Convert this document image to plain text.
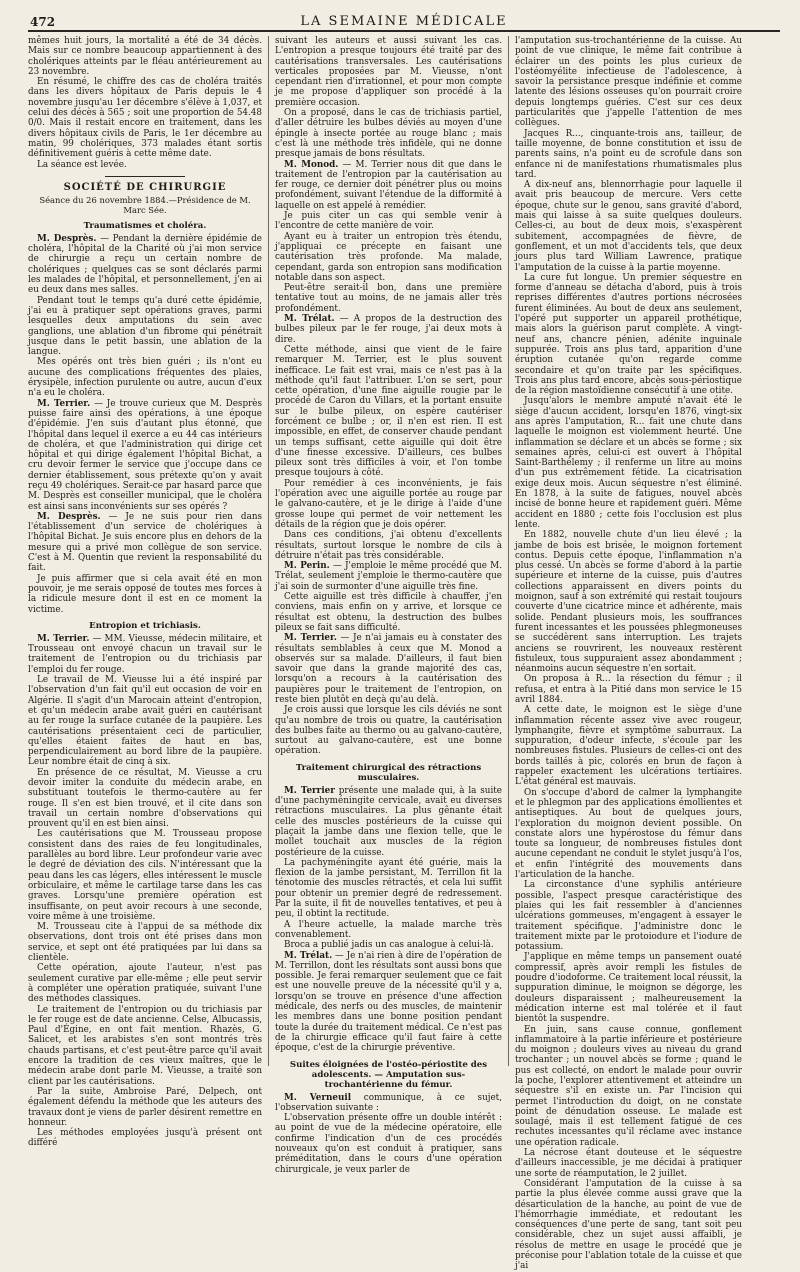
472	LA SEMAINE MÉDICALE

mêmes huit jours, la mortalité a été de 34 décès. Mais sur ce nombre beaucoup appartiennent à des cholériques atteints par le fléau antérieurement au 23 novembre.

En résumé, le chiffre des cas de choléra traités dans les divers hôpitaux de Paris depuis le 4 novembre jusqu'au 1er décembre s'élève à 1,037, et celui des décès à 565 ; soit une proportion de 54.48 0/0. Mais il restait encore en traitement, dans les divers hôpitaux civils de Paris, le 1er décembre au matin, 99 cholériques, 373 malades étant sortis définitivement guéris à cette même date.

La séance est levée.

SOCIÉTÉ DE CHIRURGIE
Séance du 26 novembre 1884.—Présidence de M. Marc Sée.
Traumatismes et choléra.

M. Desprès. — Pendant la dernière épidémie de choléra, l'hôpital de la Charité où j'ai mon service de chirurgie a reçu un certain nombre de cholériques ; quelques cas se sont déclarés parmi les malades de l'hôpital, et personnellement, j'en ai eu deux dans mes salles.

Pendant tout le temps qu'a duré cette épidémie, j'ai eu à pratiquer sept opérations graves, parmi lesquelles deux amputations du sein avec ganglions, une ablation d'un fibrome qui pénétrait jusque dans le petit bassin, une ablation de la langue.

Mes opérés ont très bien guéri ; ils n'ont eu aucune des complications fréquentes des plaies, érysipèle, infection purulente ou autre, aucun d'eux n'a eu le choléra.

M. Terrier. — Je trouve curieux que M. Desprès puisse faire ainsi des opérations, à une époque d'épidémie. J'en suis d'autant plus étonné, que l'hôpital dans lequel il exerce a eu 44 cas intérieurs de choléra, et que l'administration qui dirige cet hôpital et qui dirige également l'hôpital Bichat, a cru devoir fermer le service que j'occupe dans ce dernier établissement, sous prétexte qu'on y avait reçu 49 cholériques. Serait-ce par hasard parce que M. Desprès est conseiller municipal, que le choléra est ainsi sans inconvénients sur ses opérés ?

M. Desprès. — Je ne suis pour rien dans l'établissement d'un service de cholériques à l'hôpital Bichat. Je suis encore plus en dehors de la mesure qui a privé mon collègue de son service. C'est à M. Quentin que revient la responsabilité du fait.

Je puis affirmer que si cela avait été en mon pouvoir, je me serais opposé de toutes mes forces à la ridicule mesure dont il est en ce moment la victime.

Entropion et trichiasis.

M. Terrier. — MM. Vieusse, médecin militaire, et Trousseau ont envoyé chacun un travail sur le traitement de l'entropion ou du trichiasis par l'emploi du fer rouge.

Le travail de M. Vieusse lui a été inspiré par l'observation d'un fait qu'il eut occasion de voir en Algérie. Il s'agit d'un Marocain atteint d'entropion, et qu'un médecin arabe avait guéri en cautérisant au fer rouge la surface cutanée de la paupière. Les cautérisations présentaient ceci de particulier, qu'elles étaient faites de haut en bas, perpendiculairement au bord libre de la paupière. Leur nombre était de cinq à six.

En présence de ce résultat, M. Vieusse a cru devoir imiter la conduite du médecin arabe, en substituant toutefois le thermo-cautère au fer rouge. Il s'en est bien trouvé, et il cite dans son travail un certain nombre d'observations qui prouvent qu'il en est bien ainsi.

Les cautérisations que M. Trousseau propose consistent dans des raies de feu longitudinales, parallèles au bord libre. Leur profondeur varie avec le degré de déviation des cils. N'intéressant que la peau dans les cas légers, elles intéressent le muscle orbiculaire, et même le cartilage tarse dans les cas graves. Lorsqu'une première opération est insuffisante, on peut avoir recours à une seconde, voire même à une troisième.

M. Trousseau cite à l'appui de sa méthode dix observations, dont trois ont été prises dans mon service, et sept ont été pratiquées par lui dans sa clientèle.

Cette opération, ajoute l'auteur, n'est pas seulement curative par elle-même ; elle peut servir à compléter une opération pratiquée, suivant l'une des méthodes classiques.

Le traitement de l'entropion ou du trichiasis par le fer rouge est de date ancienne. Celse, Albucassis, Paul d'Égine, en ont fait mention. Rhazès, G. Salicet, et les arabistes s'en sont montrés très chauds partisans, et c'est peut-être parce qu'il avait encore la tradition de ces vieux maîtres, que le médecin arabe dont parle M. Vieusse, a traité son client par les cautérisations.

Par la suite, Ambroise Paré, Delpech, ont également défendu la méthode que les auteurs des travaux dont je viens de parler désirent remettre en honneur.

Les méthodes employées jusqu'à présent ont différé

suivant les auteurs et aussi suivant les cas. L'entropion a presque toujours été traité par des cautérisations transversales. Les cautérisations verticales proposées par M. Vieusse, n'ont cependant rien d'irrationnel, et pour mon compte je me propose d'appliquer son procédé à la première occasion.

On a proposé, dans le cas de trichiasis partiel, d'aller détruire les bulbes déviés au moyen d'une épingle à insecte portée au rouge blanc ; mais c'est là une méthode très infidèle, qui ne donne presque jamais de bons résultats.

M. Monod. — M. Terrier nous dit que dans le traitement de l'entropion par la cautérisation au fer rouge, ce dernier doit pénétrer plus ou moins profondément, suivant l'étendue de la difformité à laquelle on est appelé à remédier.

Je puis citer un cas qui semble venir à l'encontre de cette manière de voir.

Ayant eu à traiter un entropion très étendu, j'appliquai ce précepte en faisant une cautérisation très profonde. Ma malade, cependant, garda son entropion sans modification notable dans son aspect.

Peut-être serait-il bon, dans une première tentative tout au moins, de ne jamais aller très profondément.

M. Trélat. — A propos de la destruction des bulbes pileux par le fer rouge, j'ai deux mots à dire.

Cette méthode, ainsi que vient de le faire remarquer M. Terrier, est le plus souvent inefficace. Le fait est vrai, mais ce n'est pas à la méthode qu'il faut l'attribuer. L'on se sert, pour cette opération, d'une fine aiguille rougie par le procédé de Caron du Villars, et la portant ensuite sur le bulbe pileux, on espère cautériser forcément ce bulbe ; or, il n'en est rien. Il est impossible, en effet, de conserver chaude pendant un temps suffisant, cette aiguille qui doit être d'une finesse excessive. D'ailleurs, ces bulbes pileux sont très difficiles à voir, et l'on tombe presque toujours à côté.

Pour remédier à ces inconvénients, je fais l'opération avec une aiguille portée au rouge par le galvano-cautère, et je le dirige à l'aide d'une grosse loupe qui permet de voir nettement les détails de la région que je dois opérer.

Dans ces conditions, j'ai obtenu d'excellents résultats, surtout lorsque le nombre de cils à détruire n'était pas très considérable.

M. Perin. — J'emploie le même procédé que M. Trélat, seulement j'emploie le thermo-cautère que j'ai soin de surmonter d'une aiguille très fine.

Cette aiguille est très difficile à chauffer, j'en conviens, mais enfin on y arrive, et lorsque ce résultat est obtenu, la destruction des bulbes pileux se fait sans difficulté.

M. Terrier. — Je n'ai jamais eu à constater des résultats semblables à ceux que M. Monod a observés sur sa malade. D'ailleurs, il faut bien savoir que dans la grande majorité des cas, lorsqu'on a recours à la cautérisation des paupières pour le traitement de l'entropion, on reste bien plutôt en deçà qu'au delà.

Je crois aussi que lorsque les cils déviés ne sont qu'au nombre de trois ou quatre, la cautérisation des bulbes faite au thermo ou au galvano-cautère, surtout au galvano-cautère, est une bonne opération.

Traitement chirurgical des rétractions musculaires.

M. Terrier présente une malade qui, à la suite d'une pachyméningite cervicale, avait eu diverses rétractions musculaires. La plus gênante était celle des muscles postérieurs de la cuisse qui plaçait la jambe dans une flexion telle, que le mollet touchait aux muscles de la région postérieure de la cuisse.

La pachyméningite ayant été guérie, mais la flexion de la jambe persistant, M. Terrillon fit la ténotomie des muscles rétractés, et cela lui suffit pour obtenir un premier degré de redressement. Par la suite, il fit de nouvelles tentatives, et peu à peu, il obtint la rectitude.

A l'heure actuelle, la malade marche très convenablement.

Broca a publié jadis un cas analogue à celui-là.

M. Trélat. — Je n'ai rien à dire de l'opération de M. Terrillon, dont les résultats sont aussi bons que possible. Je ferai remarquer seulement que ce fait est une nouvelle preuve de la nécessité qu'il y a, lorsqu'on se trouve en présence d'une affection médicale, des nerfs ou des muscles, de maintenir les membres dans une bonne position pendant toute la durée du traitement médical. Ce n'est pas de la chirurgie efficace qu'il faut faire à cette époque, c'est de la chirurgie préventive.

Suites éloignées de l'ostéo-périostite des adolescents. — Amputation sus-trochantérienne du fémur.

M. Verneuil communique, à ce sujet, l'observation suivante :

L'observation présente offre un double intérêt : au point de vue de la médecine opératoire, elle confirme l'indication d'un de ces procédés nouveaux qu'on est conduit à pratiquer, sans préméditation, dans le cours d'une opération chirurgicale, je veux parler de

l'amputation sus-trochantérienne de la cuisse. Au point de vue clinique, le même fait contribue à éclairer un des points les plus curieux de l'ostéomyélite infectieuse de l'adolescence, à savoir la persistance presque indéfinie et comme latente des lésions osseuses qu'on pourrait croire depuis longtemps guéries. C'est sur ces deux particularités que j'appelle l'attention de mes collègues.

Jacques R..., cinquante-trois ans, tailleur, de taille moyenne, de bonne constitution et issu de parents sains, n'a point eu de scrofule dans son enfance ni de manifestations rhumatismales plus tard.

A dix-neuf ans, blennorrhagie pour laquelle il avait pris beaucoup de mercure. Vers cette époque, chute sur le genou, sans gravité d'abord, mais qui laisse à sa suite quelques douleurs. Celles-ci, au bout de deux mois, s'exaspèrent subitement, accompagnées de fièvre, de gonflement, et un mot d'accidents tels, que deux jours plus tard William Lawrence, pratique l'amputation de la cuisse à la partie moyenne.

La cure fut longue. Un premier séquestre en forme d'anneau se détacha d'abord, puis à trois reprises différentes d'autres portions nécrosées furent éliminées. Au bout de deux ans seulement, l'opéré put supporter un appareil prothétique, mais alors la guérison parut complète. A vingt-neuf ans, chancre pénien, adénite inguinale suppurée. Trois ans plus tard, apparition d'une éruption cutanée qu'on regarde comme secondaire et qu'on traite par les spécifiques. Trois ans plus tard encore, abcès sous-périostique de la région mastoïdienne consécutif à une otite.

Jusqu'alors le membre amputé n'avait été le siège d'aucun accident, lorsqu'en 1876, vingt-six ans après l'amputation, R... fait une chute dans laquelle le moignon est violemment heurté. Une inflammation se déclare et un abcès se forme ; six semaines après, celui-ci est ouvert à l'hôpital Saint-Barthélemy ; il renferme un litre au moins d'un pus extrêmement fétide. La cicatrisation exige deux mois. Aucun séquestre n'est éliminé. En 1878, à la suite de fatigues, nouvel abcès incisé de bonne heure et rapidement guéri. Même accident en 1880 ; cette fois l'occlusion est plus lente.

En 1882, nouvelle chute d'un lieu élevé ; la jambe de bois est brisée, le moignon fortement contus. Depuis cette époque, l'inflammation n'a plus cessé. Un abcès se forme d'abord à la partie supérieure et interne de la cuisse, puis d'autres collections apparaissent en divers points du moignon, sauf à son extrémité qui restait toujours couverte d'une cicatrice mince et adhérente, mais solide. Pendant plusieurs mois, les souffrances furent incessantes et les poussées phlegmoneuses se succédèrent sans interruption. Les trajets anciens se rouvrirent, les nouveaux restèrent fistuleux, tous suppuraient assez abondamment ; néanmoins aucun séquestre n'en sortait.

On proposa à R... la résection du fémur ; il refusa, et entra à la Pitié dans mon service le 15 avril 1884.

A cette date, le moignon est le siège d'une inflammation récente assez vive avec rougeur, lymphangite, fièvre et symptôme saburraux. La suppuration, d'odeur infecte, s'écoule par les nombreuses fistules. Plusieurs de celles-ci ont des bords taillés à pic, colorés en brun de façon à rappeler exactement les ulcérations tertiaires. L'état général est mauvais.

On s'occupe d'abord de calmer la lymphangite et le phlegmon par des applications émollientes et antiseptiques. Au bout de quelques jours, l'exploration du moignon devient possible. On constate alors une hypérostose du fémur dans toute sa longueur, de nombreuses fistules dont aucune cependant ne conduit le stylet jusqu'à l'os, et enfin l'intégrité des mouvements dans l'articulation de la hanche.

La circonstance d'une syphilis antérieure possible, l'aspect presque caractéristique des plaies qui les fait ressembler à d'anciennes ulcérations gommeuses, m'engagent à essayer le traitement spécifique. J'administre donc le traitement mixte par le protoiodure et l'iodure de potassium.

J'applique en même temps un pansement ouaté compressif, après avoir rempli les fistules de poudre d'iodoforme. Ce traitement local réussit, la suppuration diminue, le moignon se dégorge, les douleurs disparaissent ; malheureusement la médication interne est mal tolérée et il faut bientôt la suspendre.

En juin, sans cause connue, gonflement inflammatoire à la partie inférieure et postérieure du moignon ; douleurs vives au niveau du grand trochanter ; un nouvel abcès se forme ; quand le pus est collecté, on endort le malade pour ouvrir la poche, l'explorer attentivement et atteindre un séquestre s'il en existe un. Par l'incision qui permet l'introduction du doigt, on ne constate point de dénudation osseuse. Le malade est soulagé, mais il est tellement fatigué de ces rechutes incessantes qu'il réclame avec instance une opération radicale.

La nécrose étant douteuse et le séquestre d'ailleurs inaccessible, je me décidai à pratiquer une sorte de réamputation, le 2 juillet.

Considérant l'amputation de la cuisse à sa partie la plus élevée comme aussi grave que la désarticulation de la hanche, au point de vue de l'hémorrhagie immédiate, et redoutant les conséquences d'une perte de sang, tant soit peu considérable, chez un sujet aussi affaibli, je résolus de mettre en usage le procédé que je préconise pour l'ablation totale de la cuisse et que j'ai
